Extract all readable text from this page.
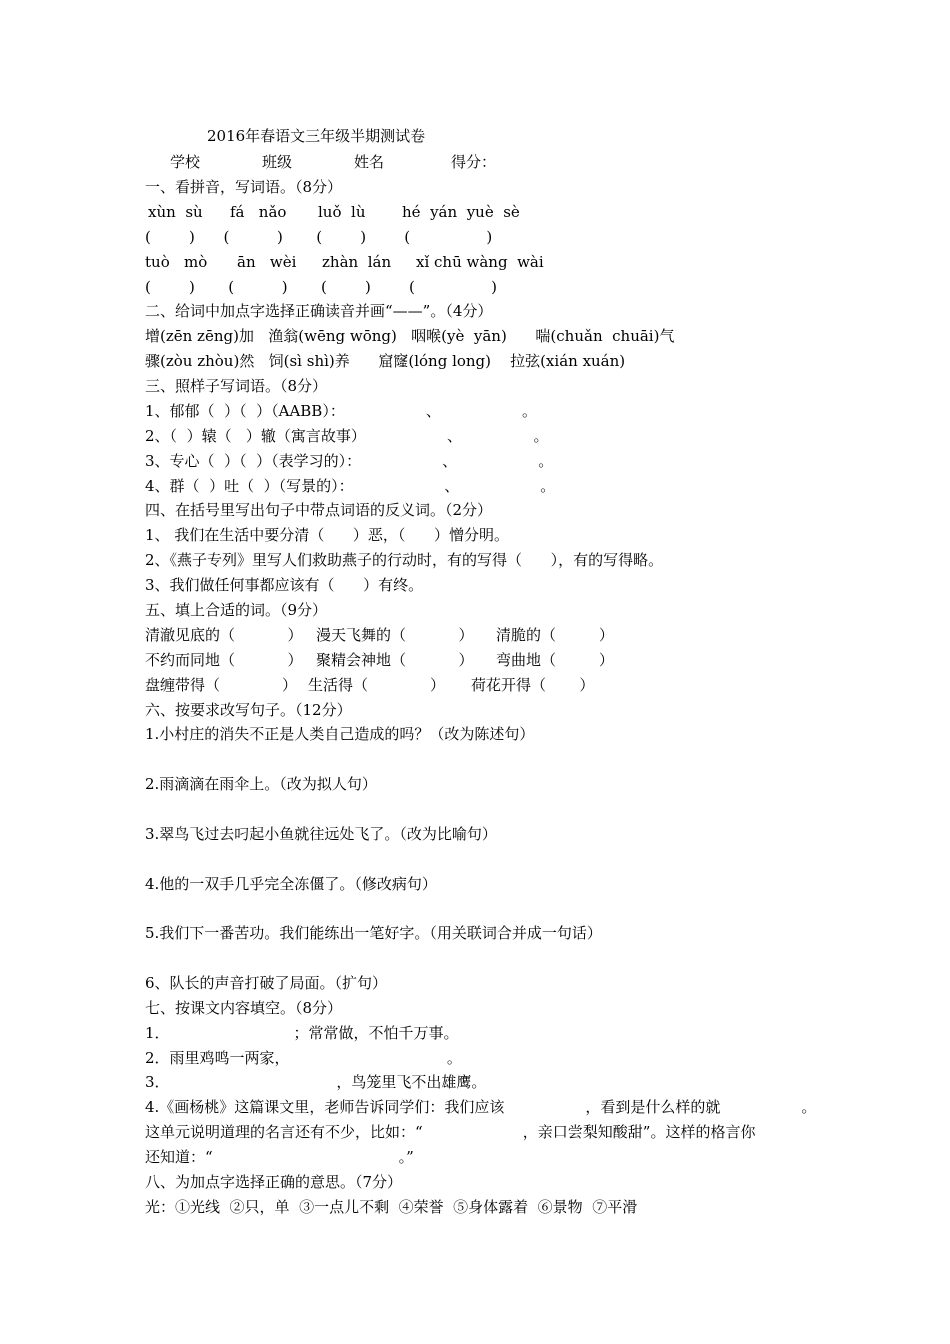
2016年春语文三年级半期测试卷
学校	班级	姓名	得分：
一、看拼音，写词语。（8分）
xùn  sù fá   nǎo luǒ  lù hé  yán  yuè  sè
(        )      (          )       (        )        (                )
tuò   mò ān   wèi zhàn  lán xǐ chū wàng  wài
(        )       (          )       (        )        (                )
二、给词中加点字选择正确读音并画“——”。（4分）
增(zēn zēng)加   渔翁(wēng wōng)   咽喉(yè  yān)      喘(chuǎn  chuāi)气
骤(zòu zhòu)然   饲(sì shì)养      窟窿(lóng long)    拉弦(xián xuán)
三、照样子写词语。（8分）
1、郁郁（  ）（  ）（AABB）：                 、                 。
2、（  ）辕（   ）辙（寓言故事）                 、               。
3、专心（  ）（  ）（表学习的）：                 、                 。
4、群（  ）吐（  ）（写景的）：                   、                 。
四、在括号里写出句子中带点词语的反义词。（2分）
1、 我们在生活中要分清（      ）恶，（      ）憎分明。
2、《燕子专列》里写人们救助燕子的行动时，有的写得（      ），有的写得略。
3、我们做任何事都应该有（      ）有终。
五、填上合适的词。（9分）
清澈见底的（           ） 漫天飞舞的（           ） 清脆的（         ）
不约而同地（           ） 聚精会神地（           ） 弯曲地（         ）
盘缠带得（             ） 生活得（             ） 荷花开得（       ）
六、按要求改写句子。（12分）
1.小村庄的消失不正是人类自己造成的吗？（改为陈述句）
2.雨滴滴在雨伞上。（改为拟人句）
3.翠鸟飞过去叼起小鱼就往远处飞了。（改为比喻句）
4.他的一双手几乎完全冻僵了。（修改病句）
5.我们下一番苦功。我们能练出一笔好字。（用关联词合并成一句话）
6、队长的声音打破了局面。（扩句）
七、按课文内容填空。（8分）
1．                          ；常常做，不怕千万事。
2．雨里鸡鸣一两家，                                 。
3．                                   ，鸟笼里飞不出雄鹰。
4.《画杨桃》这篇课文里，老师告诉同学们：我们应该                 ，看到是什么样的就                 。
这单元说明道理的名言还有不少，比如：“                     ，亲口尝梨知酸甜”。这样的格言你
还知道：“                                       。”
八、为加点字选择正确的意思。（7分）
光：①光线  ②只，单  ③一点儿不剩  ④荣誉  ⑤身体露着  ⑥景物  ⑦平滑
